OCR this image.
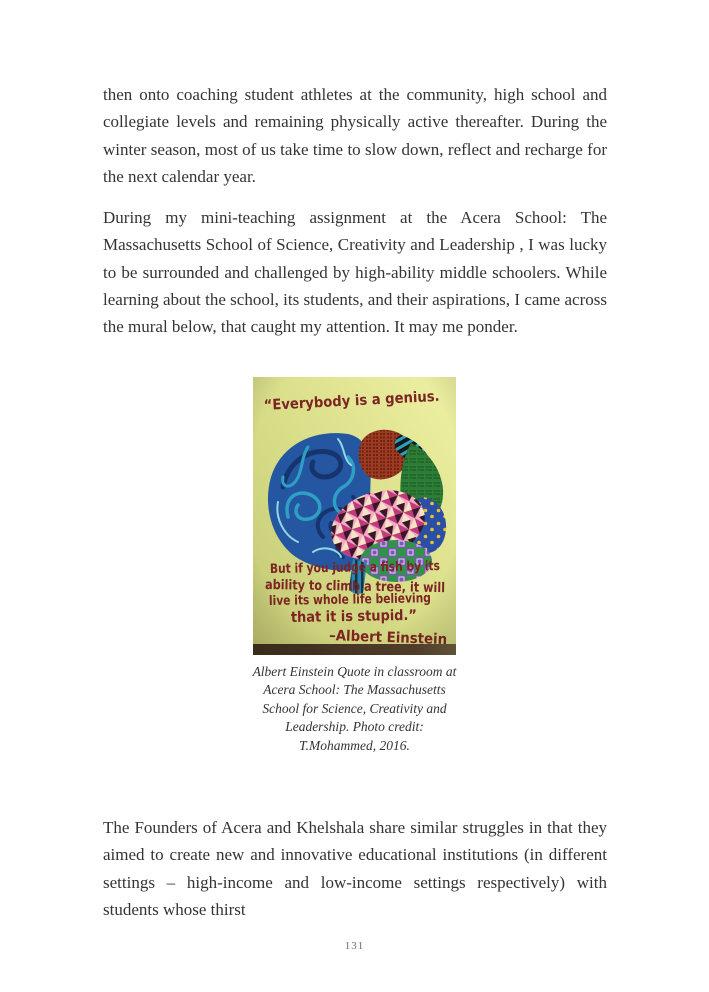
then onto coaching student athletes at the community, high school and collegiate levels and remaining physically active thereafter. During the winter season, most of us take time to slow down, reflect and recharge for the next calendar year.

During my mini-teaching assignment at the Acera School: The Massachusetts School of Science, Creativity and Leadership , I was lucky to be surrounded and challenged by high-ability middle schoolers. While learning about the school, its students, and their aspirations, I came across the mural below, that caught my attention. It may me ponder.

Albert Einstein Quote in classroom at Acera School: The Massachusetts School for Science, Creativity and Leadership. Photo credit: T.Mohammed, 2016.

The Founders of Acera and Khelshala share similar struggles in that they aimed to create new and innovative educational institutions (in different settings – high-income and low-income settings respectively) with students whose thirst

131
